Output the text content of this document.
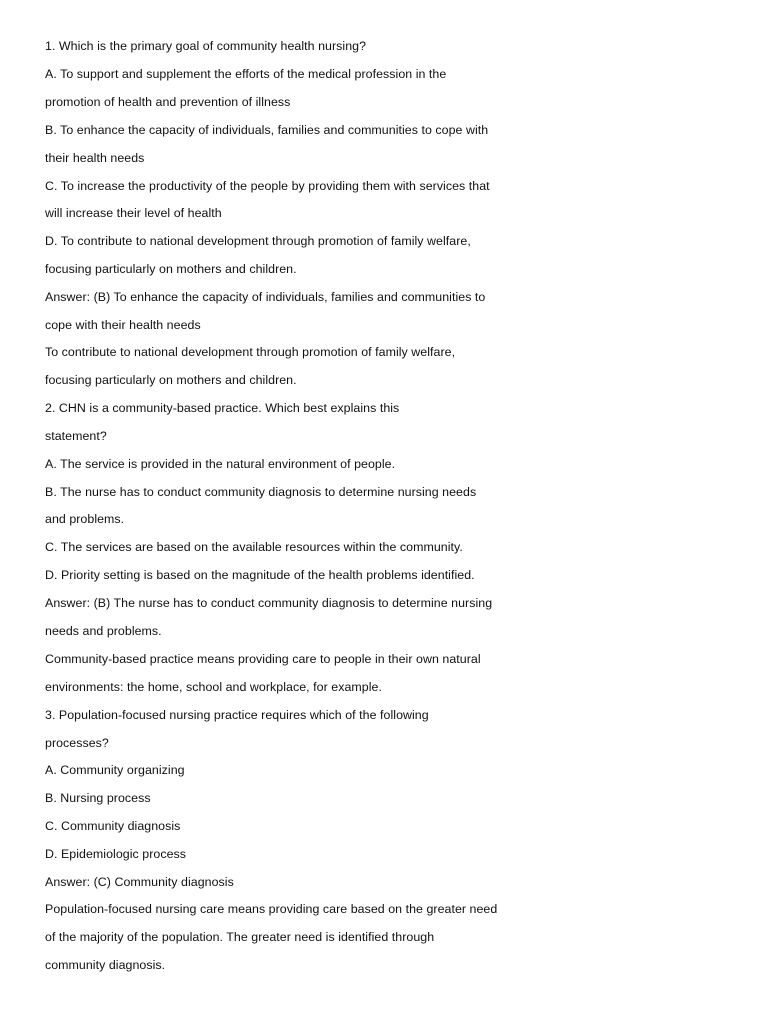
1. Which is the primary goal of community health nursing?

A. To support and supplement the efforts of the medical profession in the

promotion of health and prevention of illness

B. To enhance the capacity of individuals, families and communities to cope with

their health needs

C. To increase the productivity of the people by providing them with services that

will increase their level of health

D. To contribute to national development through promotion of family welfare,

focusing particularly on mothers and children.

Answer: (B) To enhance the capacity of individuals, families and communities to

cope with their health needs

To contribute to national development through promotion of family welfare,

focusing particularly on mothers and children.

2. CHN is a community-based practice. Which best explains this

statement?

A. The service is provided in the natural environment of people.

B. The nurse has to conduct community diagnosis to determine nursing needs

and problems.

C. The services are based on the available resources within the community.

D. Priority setting is based on the magnitude of the health problems identified.

Answer: (B) The nurse has to conduct community diagnosis to determine nursing

needs and problems.

Community-based practice means providing care to people in their own natural

environments: the home, school and workplace, for example.

3. Population-focused nursing practice requires which of the following

processes?

A. Community organizing

B. Nursing process

C. Community diagnosis

D. Epidemiologic process

Answer: (C) Community diagnosis

Population-focused nursing care means providing care based on the greater need

of the majority of the population. The greater need is identified through

community diagnosis.
